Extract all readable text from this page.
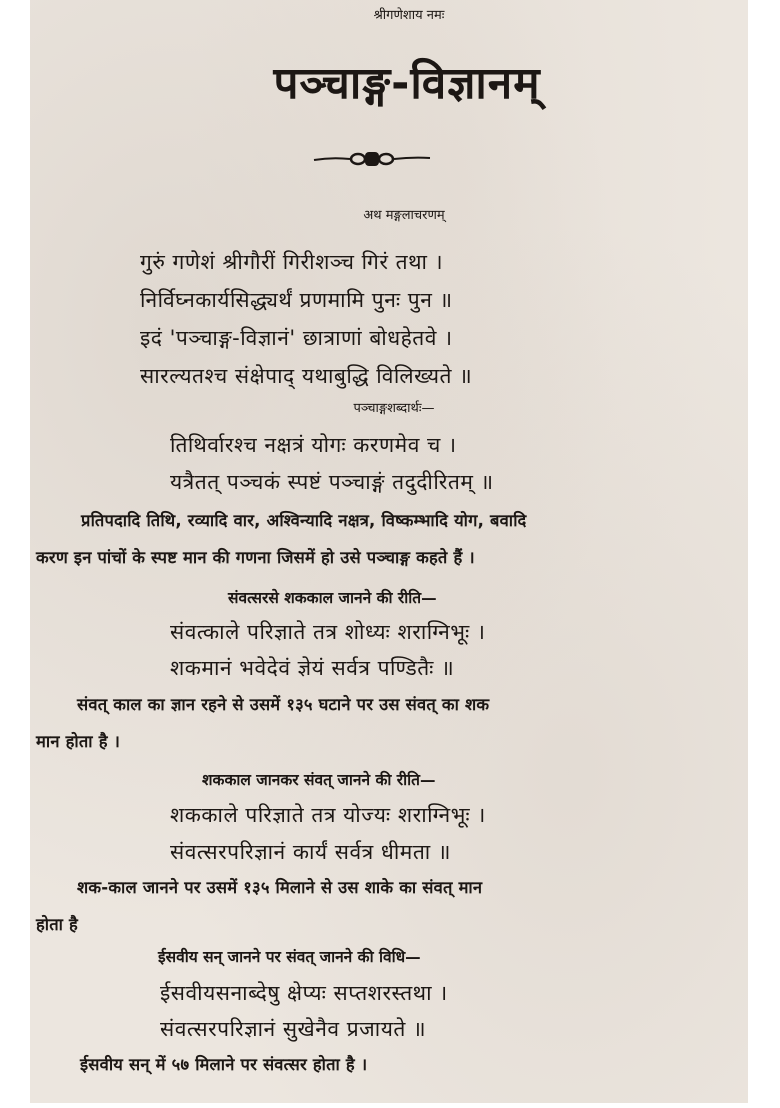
श्रीगणेशाय नमः
पञ्चाङ्ग-विज्ञानम्
अथ मङ्गलाचरणम्
गुरुं गणेशं श्रीगौरीं गिरीशञ्च गिरं तथा ।
निर्विघ्नकार्यसिद्ध्यर्थं प्रणमामि पुनः पुन ॥
इदं 'पञ्चाङ्ग-विज्ञानं' छात्राणां बोधहेतवे ।
सारल्यतश्च संक्षेपाद् यथाबुद्धि विलिख्यते ॥
पञ्चाङ्गशब्दार्थः—
तिथिर्वारश्च नक्षत्रं योगः करणमेव च ।
यत्रैतत् पञ्चकं स्पष्टं पञ्चाङ्गं तदुदीरितम् ॥
प्रतिपदादि तिथि, रव्यादि वार, अश्विन्यादि नक्षत्र, विष्कम्भादि योग, बवादि
करण इन पांचों के स्पष्ट मान की गणना जिसमें हो उसे पञ्चाङ्ग कहते हैं ।
संवत्सरसे शककाल जानने की रीति—
संवत्काले परिज्ञाते तत्र शोध्यः शराग्निभूः ।
शकमानं भवेदेवं ज्ञेयं सर्वत्र पण्डितैः ॥
संवत् काल का ज्ञान रहने से उसमें १३५ घटाने पर उस संवत् का शक
मान होता है ।
शककाल जानकर संवत् जानने की रीति—
शककाले परिज्ञाते तत्र योज्यः शराग्निभूः ।
संवत्सरपरिज्ञानं कार्यं सर्वत्र धीमता ॥
शक-काल जानने पर उसमें १३५ मिलाने से उस शाके का संवत् मान
होता है
ईसवीय सन् जानने पर संवत् जानने की विधि—
ईसवीयसनाब्देषु क्षेप्यः सप्तशरस्तथा ।
संवत्सरपरिज्ञानं सुखेनैव प्रजायते ॥
ईसवीय सन् में ५७ मिलाने पर संवत्सर होता है ।
